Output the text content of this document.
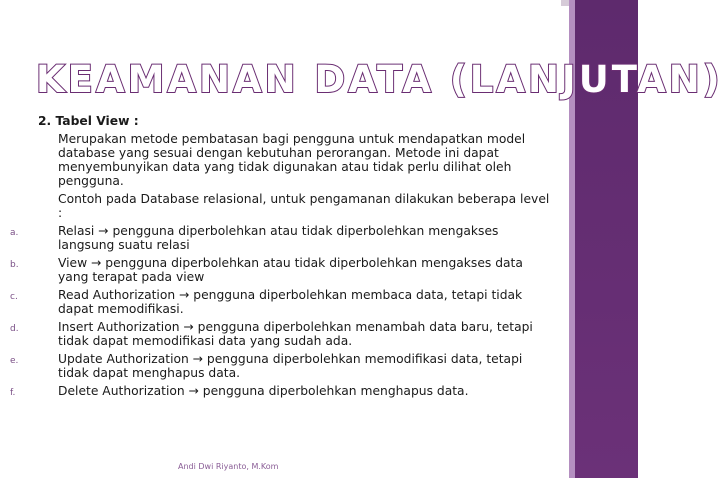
KEAMANAN DATA (LANJUTAN)
2. Tabel View :
Merupakan metode pembatasan bagi pengguna untuk mendapatkan model database yang sesuai dengan kebutuhan perorangan. Metode ini dapat menyembunyikan data yang tidak digunakan atau tidak perlu dilihat oleh pengguna.
Contoh pada Database relasional, untuk pengamanan dilakukan beberapa level :
a.	Relasi → pengguna diperbolehkan atau tidak diperbolehkan mengakses langsung suatu relasi
b.	View → pengguna diperbolehkan atau tidak diperbolehkan mengakses data yang terapat pada view
c.	Read Authorization → pengguna diperbolehkan membaca data, tetapi tidak dapat memodifikasi.
d.	Insert Authorization → pengguna diperbolehkan menambah data baru, tetapi tidak dapat memodifikasi data yang sudah ada.
e.	Update Authorization → pengguna diperbolehkan memodifikasi data, tetapi tidak dapat menghapus data.
f.	Delete Authorization → pengguna diperbolehkan menghapus data.
Andi Dwi Riyanto, M.Kom
